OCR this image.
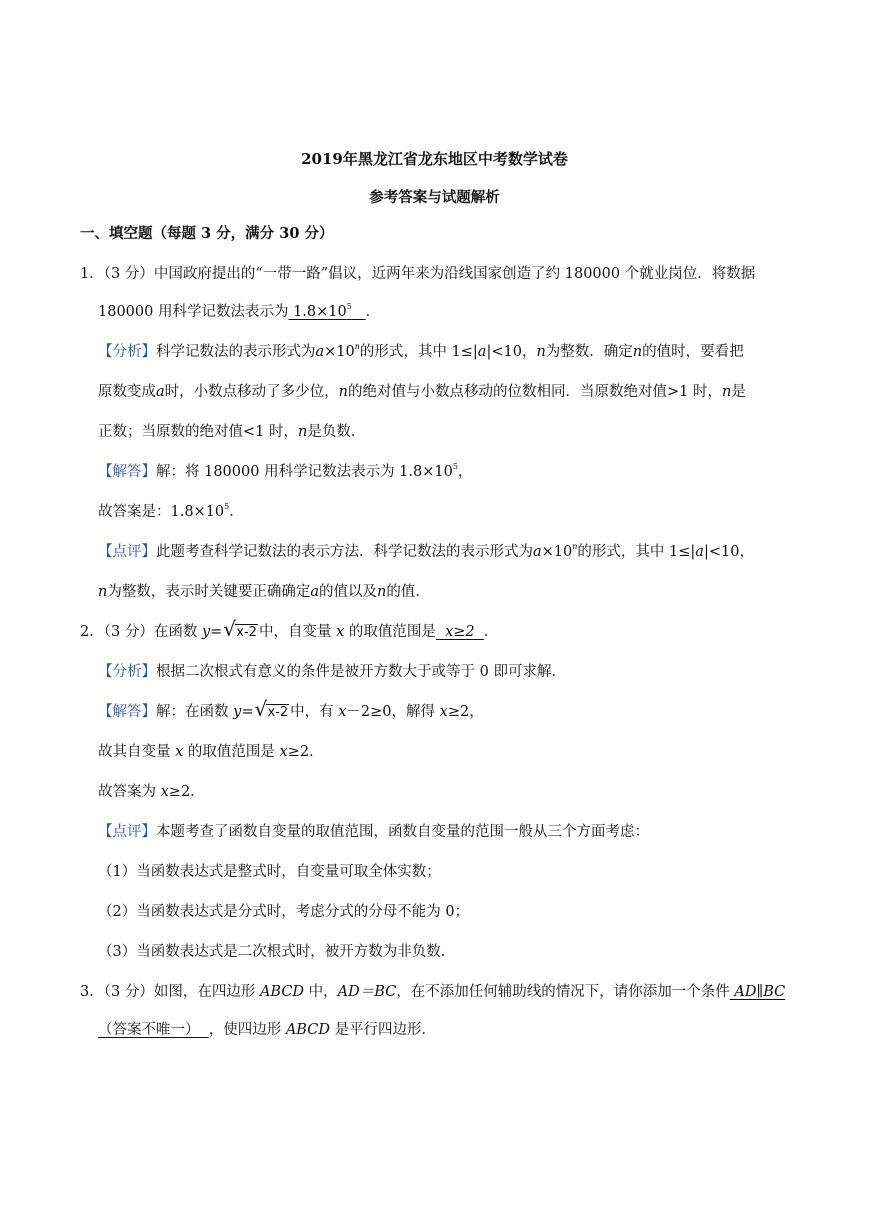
2019年黑龙江省龙东地区中考数学试卷
参考答案与试题解析
一、填空题（每题 3 分，满分 30 分）
1．（3 分）中国政府提出的“一带一路”倡议，近两年来为沿线国家创造了约 180000 个就业岗位．将数据
180000 用科学记数法表示为 $1.8\times 10^5$ ．
【分析】科学记数法的表示形式为$a\times 10^n$的形式，其中 1≤|a|<10，n为整数．确定n的值时，要看把
原数变成a时，小数点移动了多少位，n的绝对值与小数点移动的位数相同．当原数绝对值>1 时，n是
正数；当原数的绝对值<1 时，n是负数．
【解答】解：将 180000 用科学记数法表示为 $1.8\times 10^5$，
故答案是：$1.8\times 10^5$．
【点评】此题考查科学记数法的表示方法．科学记数法的表示形式为$a\times 10^n$的形式，其中 1≤|a|<10，
n为整数，表示时关键要正确确定a的值以及n的值．
2．（3 分）在函数 y= √ x-2 中，自变量 x 的取值范围是  x≥2  ．
【分析】根据二次根式有意义的条件是被开方数大于或等于 0 即可求解．
【解答】解：在函数 y= √ x-2 中，有 x－2≥0，解得 x≥2，
故其自变量 x 的取值范围是 x≥2．
故答案为 x≥2．
【点评】本题考查了函数自变量的取值范围，函数自变量的范围一般从三个方面考虑：
（1）当函数表达式是整式时，自变量可取全体实数；
（2）当函数表达式是分式时，考虑分式的分母不能为 0；
（3）当函数表达式是二次根式时，被开方数为非负数．
3．（3 分）如图，在四边形 ABCD 中，AD＝BC，在不添加任何辅助线的情况下，请你添加一个条件 AD∥BC
（答案不唯一）  ，使四边形 ABCD 是平行四边形．
